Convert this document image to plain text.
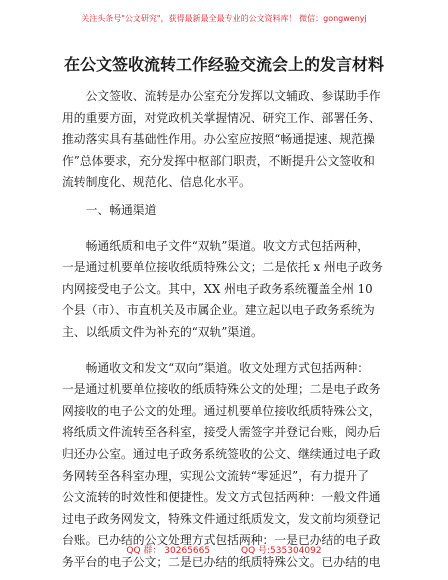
关注头条号"公文研究"，获得最新最全最专业的公文资料库！ 微信：gongwenyj
在公文签收流转工作经验交流会上的发言材料
公文签收、流转是办公室充分发挥以文辅政、参谋助手作
用的重要方面，对党政机关掌握情况、研究工作、部署任务、
推动落实具有基础性作用。办公室应按照“畅通提速、规范操
作”总体要求，充分发挥中枢部门职责，不断提升公文签收和
流转制度化、规范化、信息化水平。
一、畅通渠道
畅通纸质和电子文件“双轨”渠道。收文方式包括两种，
一是通过机要单位接收纸质特殊公文；二是依托 x 州电子政务
内网接受电子公文。其中，XX 州电子政务系统覆盖全州 10
个县（市）、市直机关及市属企业。建立起以电子政务系统为
主、以纸质文件为补充的“双轨”渠道。
畅通收文和发文“双向”渠道。收文处理方式包括两种：
一是通过机要单位接收的纸质特殊公文的处理；二是电子政务
网接收的电子公文的处理。通过机要单位接收纸质特殊公文，
将纸质文件流转至各科室，接受人需签字并登记台账，阅办后
归还办公室。通过电子政务系统签收的公文、继续通过电子政
务网转至各科室办理，实现公文流转“零延迟”，有力提升了
公文流转的时效性和便捷性。发文方式包括两种：一般文件通
过电子政务网发文，特殊文件通过纸质发文，发文前均须登记
台账。已办结的公文处理方式包括两种：一是已办结的电子政
务平台的电子公文；二是已办结的纸质特殊公文。已办结的电
QQ 群： 30265665	QQ 号:535304092
